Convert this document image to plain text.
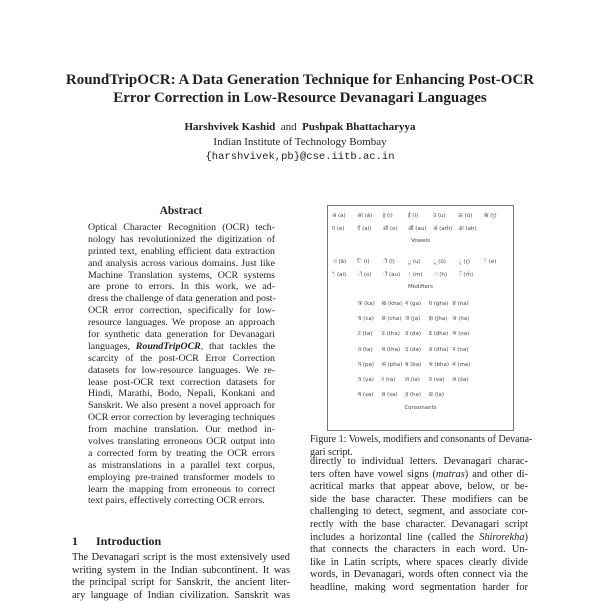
RoundTripOCR: A Data Generation Technique for Enhancing Post-OCR
Error Correction in Low-Resource Devanagari Languages
Harshvivek Kashid and Pushpak Bhattacharyya
Indian Institute of Technology Bombay
{harshvivek,pb}@cse.iitb.ac.in
Abstract
Optical Character Recognition (OCR) tech-
nology has revolutionized the digitization of
printed text, enabling efficient data extraction
and analysis across various domains. Just like
Machine Translation systems, OCR systems
are prone to errors. In this work, we ad-
dress the challenge of data generation and post-
OCR error correction, specifically for low-
resource languages. We propose an approach
for synthetic data generation for Devanagari
languages, RoundTripOCR, that tackles the
scarcity of the post-OCR Error Correction
datasets for low-resource languages. We re-
lease post-OCR text correction datasets for
Hindi, Marathi, Bodo, Nepali, Konkani and
Sanskrit. We also present a novel approach for
OCR error correction by leveraging techniques
from machine translation. Our method in-
volves translating erroneous OCR output into
a corrected form by treating the OCR errors
as mistranslations in a parallel text corpus,
employing pre-trained transformer models to
learn the mapping from erroneous to correct
text pairs, effectively correcting OCR errors.
1 Introduction
The Devanagari script is the most extensively used
writing system in the Indian subcontinent. It was
the principal script for Sanskrit, the ancient liter-
ary language of Indian civilization. Sanskrit was
अ (a)	आ (ā)	इ (i)	ई (ī)	उ (u)	ऊ (ū)	ऋ (r̥)
ए (e)	ऐ (ai)	ओ (o)	औ (au)	अं (am̐)	अः (aḥ)
Vowels
◌ा (ā)	◌ि (i)	◌ी (ī)	◌ु (u)	◌ू (ū)	◌ृ (r̥)	◌े (e)
◌ै (ai)	◌ो (o)	◌ौ (au)	◌ं (m)	◌ः (h)	◌ँ (m̐)
Modifiers
क (ka)	ख (kha) ग (ga)	घ (gha) ङ (ṅa)
च (ca)	छ (cha) ज (ja)	झ (jha) ञ (ña)
ट (ṭa)	ठ (ṭha) ड (ḍa)	ढ (ḍha) ण (ṇa)
त (ta)	थ (tha) द (da)	ध (dha) न (na)
प (pa)	फ (pha) ब (ba)	भ (bha) म (ma)
य (ya)	र (ra)	ल (la)	व (va)	श (śa)
ष (ṣa)	स (sa)	ह (ha)	ळ (ḷa)
Consonants
Figure 1: Vowels, modifiers and consonants of Devana-
gari script.
directly to individual letters. Devanagari charac-
ters often have vowel signs (matras) and other di-
acritical marks that appear above, below, or be-
side the base character. These modifiers can be
challenging to detect, segment, and associate cor-
rectly with the base character. Devanagari script
includes a horizontal line (called the Shirorekha)
that connects the characters in each word. Un-
like in Latin scripts, where spaces clearly divide
words, in Devanagari, words often connect via the
headline, making word segmentation harder for
